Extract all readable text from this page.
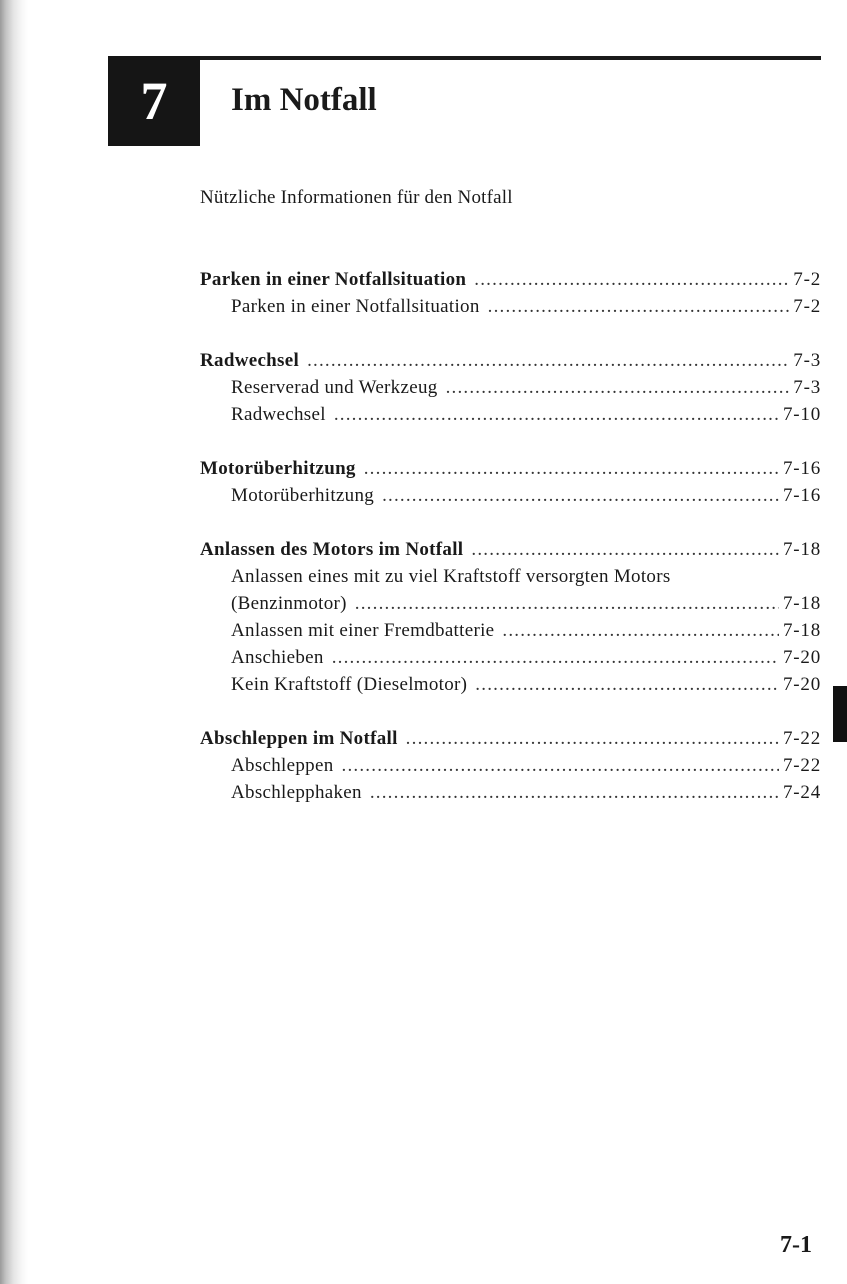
7 Im Notfall
Nützliche Informationen für den Notfall
Parken in einer Notfallsituation .....	7-2
Parken in einer Notfallsituation .....	7-2
Radwechsel .....	7-3
Reserverad und Werkzeug .....	7-3
Radwechsel .....	7-10
Motorüberhitzung .....	7-16
Motorüberhitzung .....	7-16
Anlassen des Motors im Notfall .....	7-18
Anlassen eines mit zu viel Kraftstoff versorgten Motors
(Benzinmotor) .....	7-18
Anlassen mit einer Fremdbatterie .....	7-18
Anschieben .....	7-20
Kein Kraftstoff (Dieselmotor) .....	7-20
Abschleppen im Notfall .....	7-22
Abschleppen .....	7-22
Abschlepphaken .....	7-24
7-1
